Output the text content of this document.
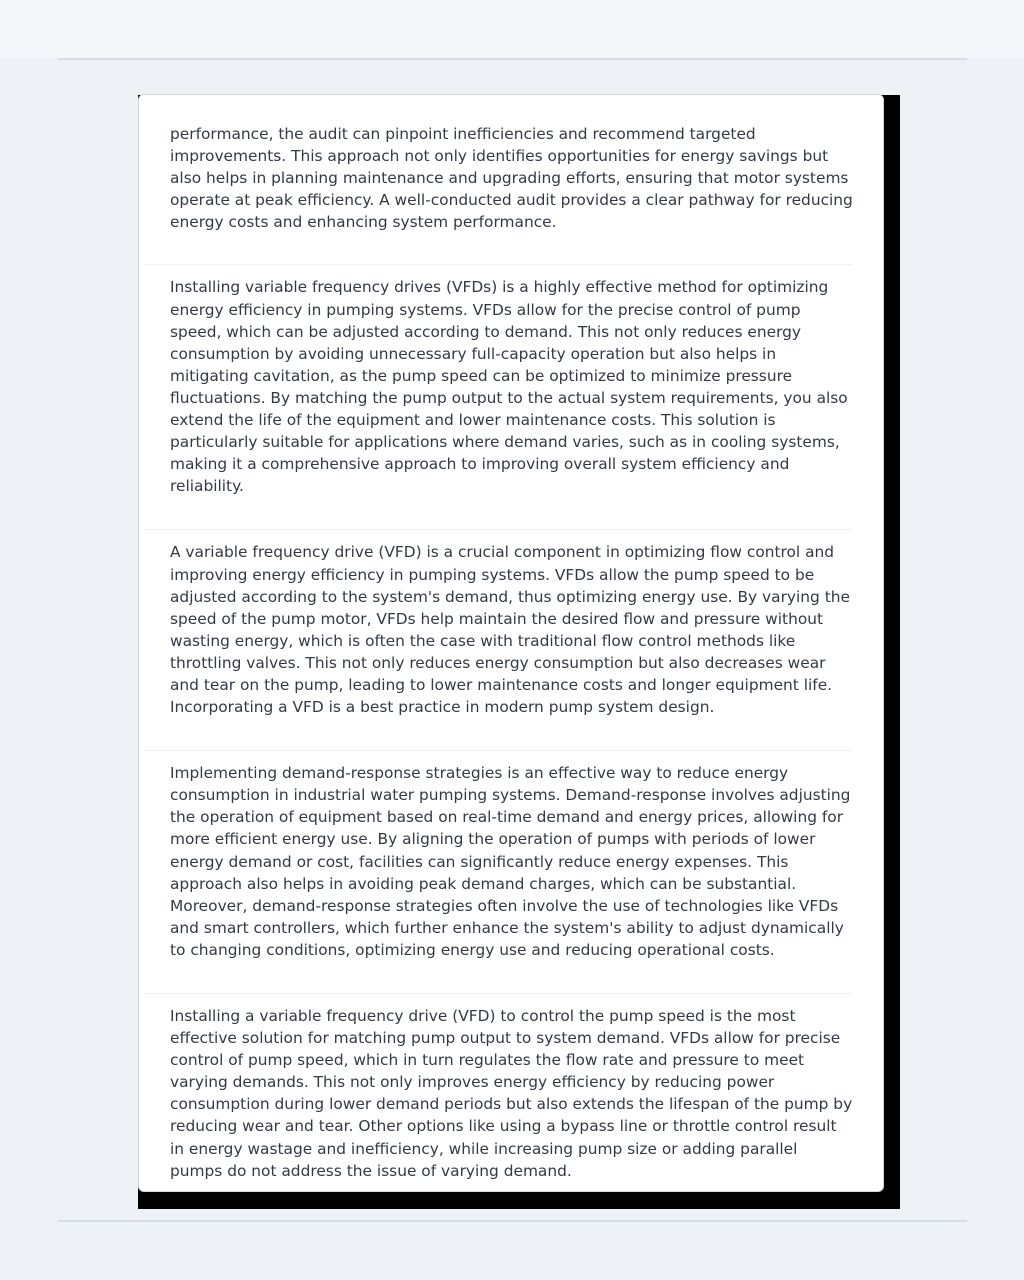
performance, the audit can pinpoint inefficiencies and recommend targeted improvements. This approach not only identifies opportunities for energy savings but also helps in planning maintenance and upgrading efforts, ensuring that motor systems operate at peak efficiency. A well-conducted audit provides a clear pathway for reducing energy costs and enhancing system performance.

Installing variable frequency drives (VFDs) is a highly effective method for optimizing energy efficiency in pumping systems. VFDs allow for the precise control of pump speed, which can be adjusted according to demand. This not only reduces energy consumption by avoiding unnecessary full-capacity operation but also helps in mitigating cavitation, as the pump speed can be optimized to minimize pressure fluctuations. By matching the pump output to the actual system requirements, you also extend the life of the equipment and lower maintenance costs. This solution is particularly suitable for applications where demand varies, such as in cooling systems, making it a comprehensive approach to improving overall system efficiency and reliability.

A variable frequency drive (VFD) is a crucial component in optimizing flow control and improving energy efficiency in pumping systems. VFDs allow the pump speed to be adjusted according to the system's demand, thus optimizing energy use. By varying the speed of the pump motor, VFDs help maintain the desired flow and pressure without wasting energy, which is often the case with traditional flow control methods like throttling valves. This not only reduces energy consumption but also decreases wear and tear on the pump, leading to lower maintenance costs and longer equipment life. Incorporating a VFD is a best practice in modern pump system design.

Implementing demand-response strategies is an effective way to reduce energy consumption in industrial water pumping systems. Demand-response involves adjusting the operation of equipment based on real-time demand and energy prices, allowing for more efficient energy use. By aligning the operation of pumps with periods of lower energy demand or cost, facilities can significantly reduce energy expenses. This approach also helps in avoiding peak demand charges, which can be substantial. Moreover, demand-response strategies often involve the use of technologies like VFDs and smart controllers, which further enhance the system's ability to adjust dynamically to changing conditions, optimizing energy use and reducing operational costs.

Installing a variable frequency drive (VFD) to control the pump speed is the most effective solution for matching pump output to system demand. VFDs allow for precise control of pump speed, which in turn regulates the flow rate and pressure to meet varying demands. This not only improves energy efficiency by reducing power consumption during lower demand periods but also extends the lifespan of the pump by reducing wear and tear. Other options like using a bypass line or throttle control result in energy wastage and inefficiency, while increasing pump size or adding parallel pumps do not address the issue of varying demand.
